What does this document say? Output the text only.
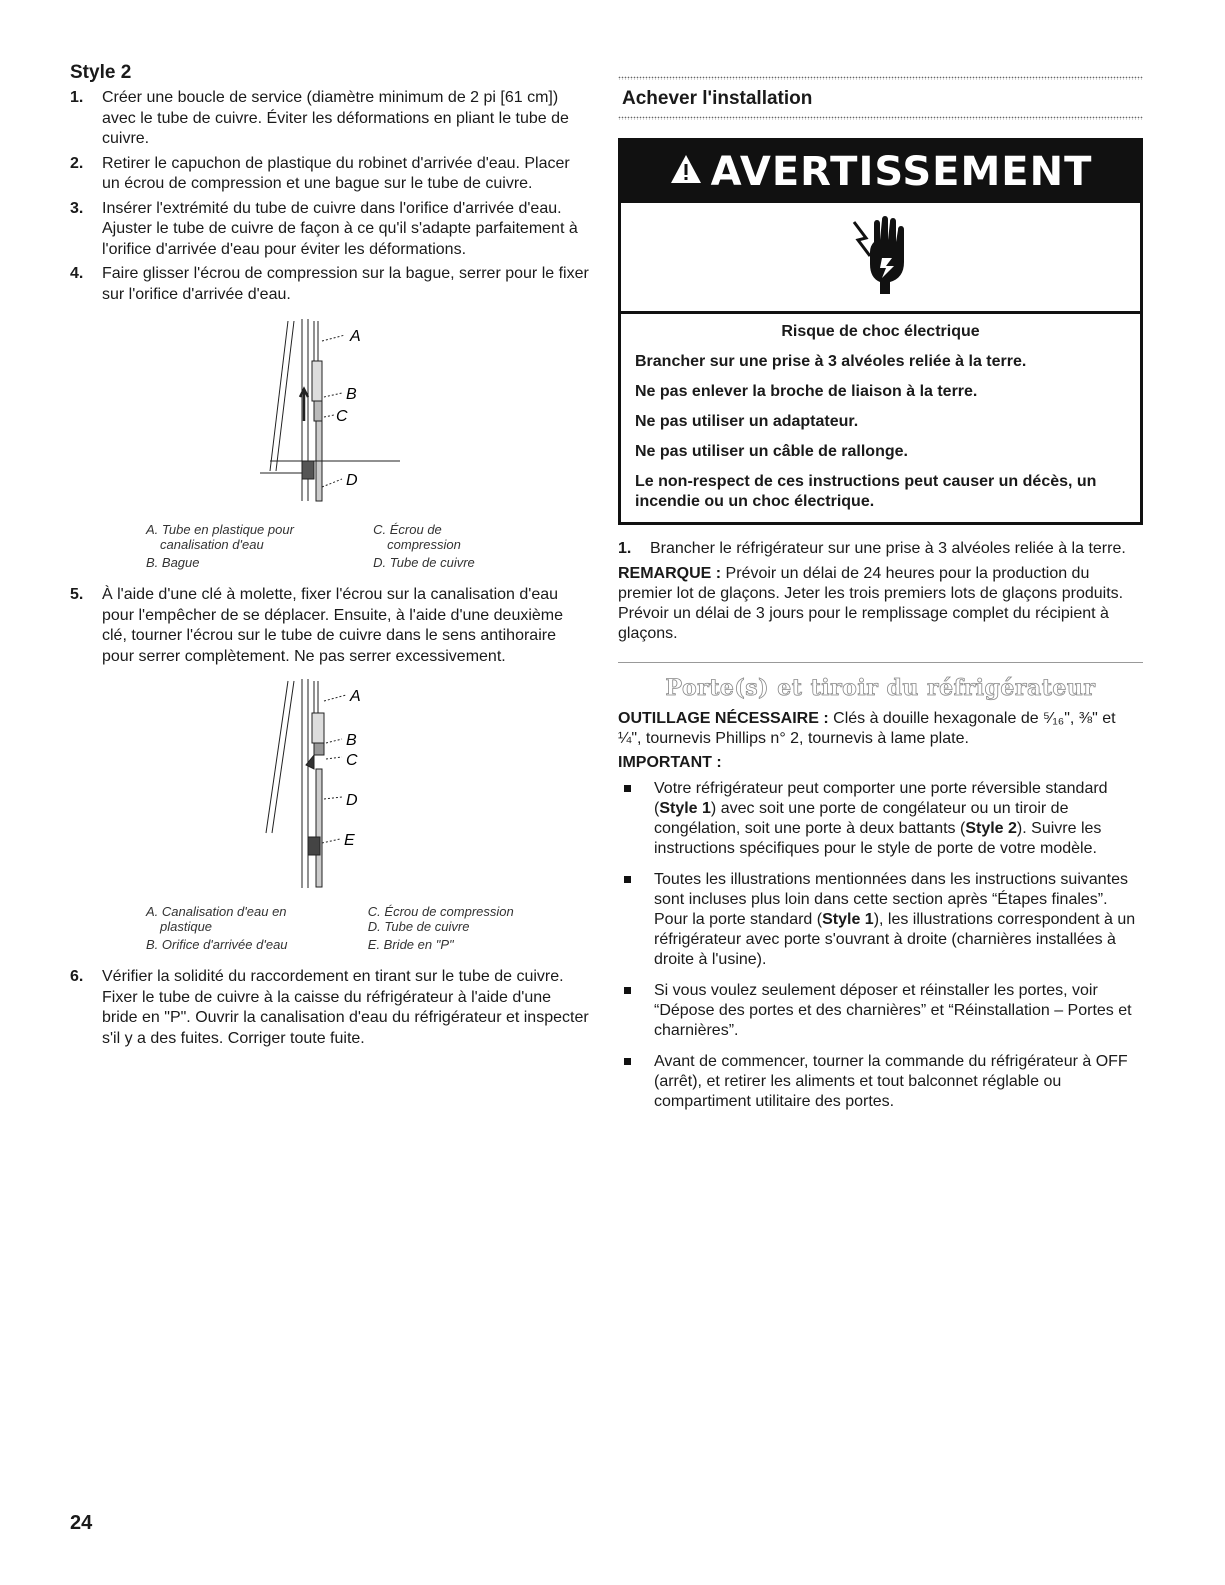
Style 2
1. Créer une boucle de service (diamètre minimum de 2 pi [61 cm]) avec le tube de cuivre. Éviter les déformations en pliant le tube de cuivre.
2. Retirer le capuchon de plastique du robinet d'arrivée d'eau. Placer un écrou de compression et une bague sur le tube de cuivre.
3. Insérer l'extrémité du tube de cuivre dans l'orifice d'arrivée d'eau. Ajuster le tube de cuivre de façon à ce qu'il s'adapte parfaitement à l'orifice d'arrivée d'eau pour éviter les déformations.
4. Faire glisser l'écrou de compression sur la bague, serrer pour le fixer sur l'orifice d'arrivée d'eau.
A
B
C
D
A. Tube en plastique pour
canalisation d'eau
C. Écrou de
compression
B. Bague	D. Tube de cuivre
5. À l'aide d'une clé à molette, fixer l'écrou sur la canalisation d'eau pour l'empêcher de se déplacer. Ensuite, à l'aide d'une deuxième clé, tourner l'écrou sur le tube de cuivre dans le sens antihoraire pour serrer complètement. Ne pas serrer excessivement.
A
B
C
D
E
A. Canalisation d'eau en
plastique
C. Écrou de compression
D. Tube de cuivre
B. Orifice d'arrivée d'eau	E. Bride en "P"
6. Vérifier la solidité du raccordement en tirant sur le tube de cuivre. Fixer le tube de cuivre à la caisse du réfrigérateur à l'aide d'une bride en "P". Ouvrir la canalisation d'eau du réfrigérateur et inspecter s'il y a des fuites. Corriger toute fuite.
Achever l'installation
AVERTISSEMENT
Risque de choc électrique

Brancher sur une prise à 3 alvéoles reliée à la terre.

Ne pas enlever la broche de liaison à la terre.

Ne pas utiliser un adaptateur.

Ne pas utiliser un câble de rallonge.

Le non-respect de ces instructions peut causer un décès, un incendie ou un choc électrique.

1. Brancher le réfrigérateur sur une prise à 3 alvéoles reliée à la terre.

REMARQUE : Prévoir un délai de 24 heures pour la production du premier lot de glaçons. Jeter les trois premiers lots de glaçons produits. Prévoir un délai de 3 jours pour le remplissage complet du récipient à glaçons.

Porte(s) et tiroir du réfrigérateur

OUTILLAGE NÉCESSAIRE : Clés à douille hexagonale de ⁵⁄₁₆", ⅜" et ¼", tournevis Phillips n° 2, tournevis à lame plate.

IMPORTANT :

Votre réfrigérateur peut comporter une porte réversible standard (Style 1) avec soit une porte de congélateur ou un tiroir de congélation, soit une porte à deux battants (Style 2). Suivre les instructions spécifiques pour le style de porte de votre modèle.
Toutes les illustrations mentionnées dans les instructions suivantes sont incluses plus loin dans cette section après “Étapes finales”. Pour la porte standard (Style 1), les illustrations correspondent à un réfrigérateur avec porte s'ouvrant à droite (charnières installées à droite à l'usine).
Si vous voulez seulement déposer et réinstaller les portes, voir “Dépose des portes et des charnières” et “Réinstallation – Portes et charnières”.
Avant de commencer, tourner la commande du réfrigérateur à OFF (arrêt), et retirer les aliments et tout balconnet réglable ou compartiment utilitaire des portes.
24
